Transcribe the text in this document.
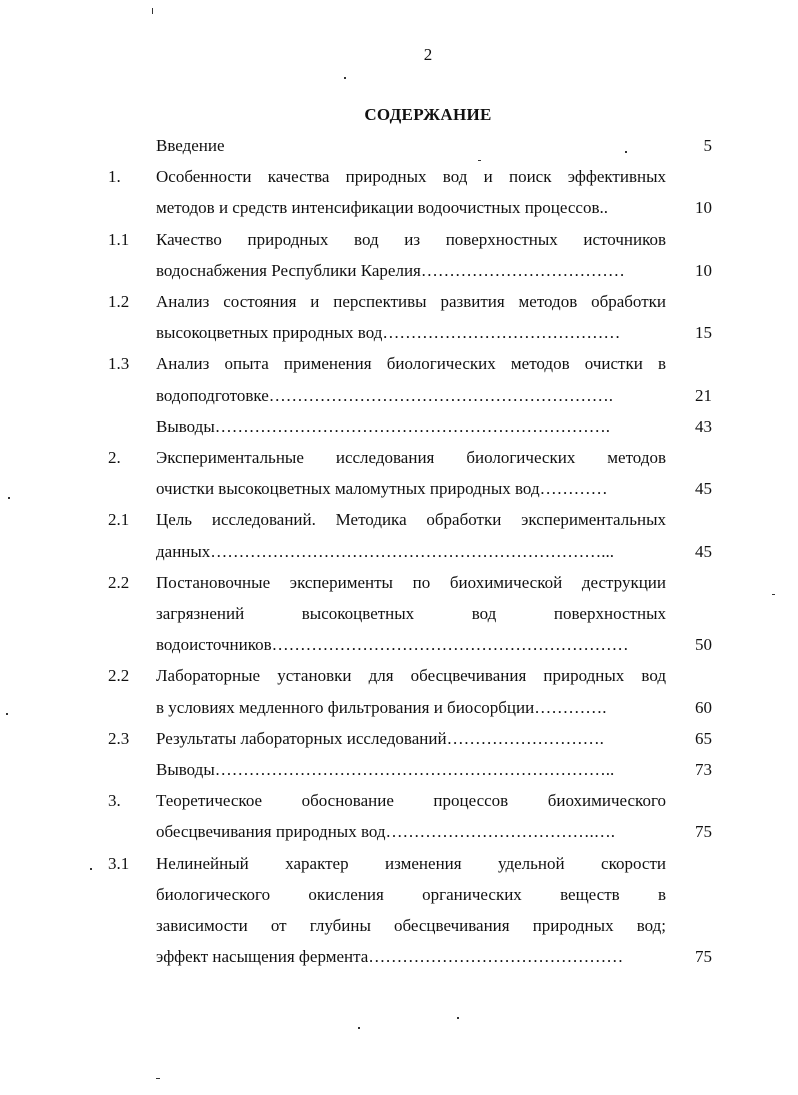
2
СОДЕРЖАНИЕ
Введение	5
1.	Особенности качества природных вод и поиск эффективных
методов и средств интенсификации водоочистных процессов..	10
1.1	Качество природных вод из поверхностных источников
водоснабжения Республики Карелия………………………………	10
1.2	Анализ состояния и перспективы развития методов обработки
высокоцветных природных вод……………………………………	15
1.3	Анализ опыта применения биологических методов очистки в
водоподготовке…………………………………………………….	21
Выводы…………………………………………………………….	43
2.	Экспериментальные исследования биологических методов
очистки высокоцветных маломутных природных вод…………	45
2.1	Цель исследований. Методика обработки экспериментальных
данных……………………………………………………………...	45
2.2	Постановочные эксперименты по биохимической деструкции
загрязнений высокоцветных вод поверхностных
водоисточников………………………………………………………	50
2.2	Лабораторные установки для обесцвечивания природных вод
в условиях медленного фильтрования и биосорбции………….	60
2.3	Результаты лабораторных исследований……………………….	65
Выводы……………………………………………………………..	73
3.	Теоретическое обоснование процессов биохимического
обесцвечивания природных вод……………………………….….	75
3.1	Нелинейный характер изменения удельной скорости
биологического окисления органических веществ в
зависимости от глубины обесцвечивания природных вод;
эффект насыщения фермента………………………………………	75
